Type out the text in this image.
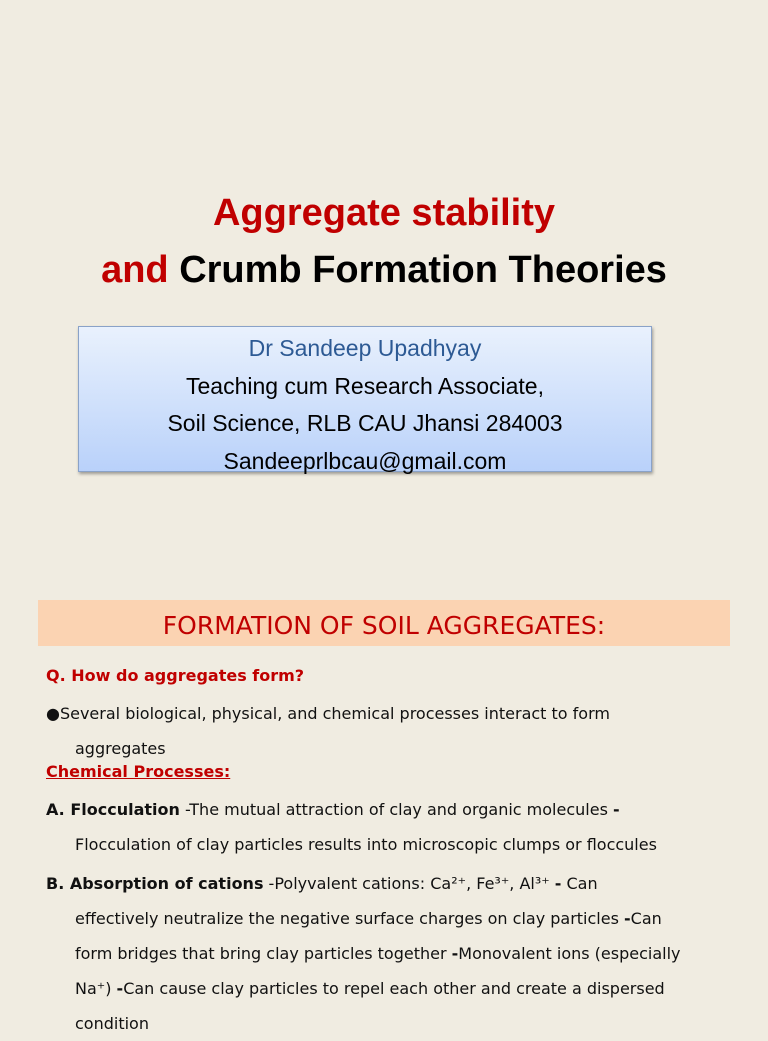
Aggregate stability
and Crumb Formation Theories
Dr Sandeep Upadhyay
Teaching cum Research Associate,
Soil Science, RLB CAU Jhansi 284003
Sandeeprlbcau@gmail.com
FORMATION OF SOIL AGGREGATES:
Q. How do aggregates form?
●Several biological, physical, and chemical processes interact to form
aggregates
Chemical Processes:
A. Flocculation -The mutual attraction of clay and organic molecules -
Flocculation of clay particles results into microscopic clumps or floccules
B. Absorption of cations -Polyvalent cations: Ca²⁺, Fe³⁺, Al³⁺ - Can
effectively neutralize the negative surface charges on clay particles -Can
form bridges that bring clay particles together -Monovalent ions (especially
Na⁺) -Can cause clay particles to repel each other and create a dispersed
condition
